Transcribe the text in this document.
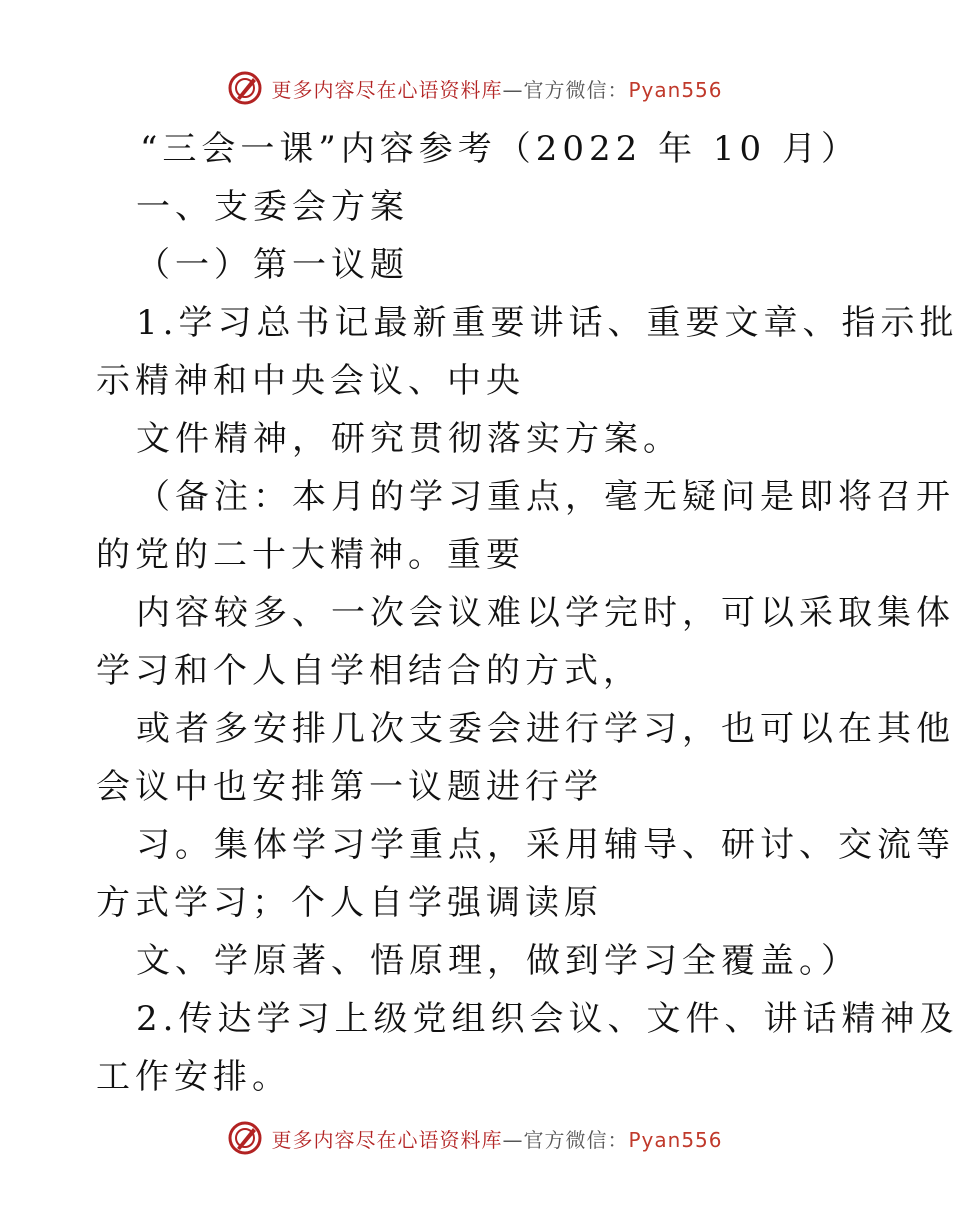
更多内容尽在心语资料库—官方微信：Pyan556
“三会一课”内容参考（2022 年 10 月）
一、支委会方案
（一）第一议题
1.学习总书记最新重要讲话、重要文章、指示批
示精神和中央会议、中央
文件精神，研究贯彻落实方案。
（备注：本月的学习重点，毫无疑问是即将召开
的党的二十大精神。重要
内容较多、一次会议难以学完时，可以采取集体
学习和个人自学相结合的方式，
或者多安排几次支委会进行学习，也可以在其他
会议中也安排第一议题进行学
习。集体学习学重点，采用辅导、研讨、交流等
方式学习；个人自学强调读原
文、学原著、悟原理，做到学习全覆盖。）
2.传达学习上级党组织会议、文件、讲话精神及
工作安排。
更多内容尽在心语资料库—官方微信：Pyan556
